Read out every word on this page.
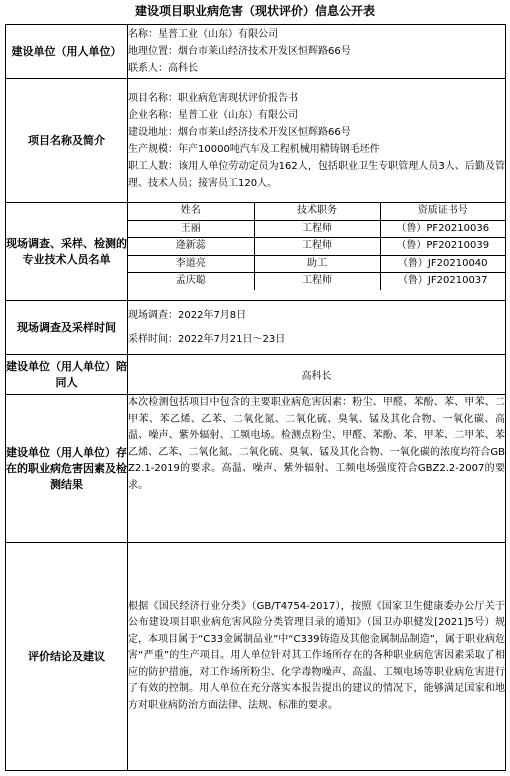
建设项目职业病危害（现状评价）信息公开表
建设单位（用人单位）	
名称：星普工业（山东）有限公司
地理位置：烟台市莱山经济技术开发区恒辉路66号
联系人：高科长

项目名称及简介	
项目名称：职业病危害现状评价报告书
企业名称：星普工业（山东）有限公司
建设地址：烟台市莱山经济技术开发区恒辉路66号
生产规模：年产10000吨汽车及工程机械用精铸钢毛坯件
职工人数：该用人单位劳动定员为162人，包括职业卫生专职管理人员3人、后勤及管理、技术人员；接害员工120人。

现场调查、采样、检测的专业技术人员名单	
姓名	技术职务	资质证书号
王丽	工程师	（鲁）PF20210036
逄新蕊	工程师	（鲁）PF20210039
李道亮	助工	（鲁）JF20210040
孟庆聪	工程师	（鲁）JF20210037

现场调查及采样时间	
现场调查：2022年7月8日
采样时间：2022年7月21日～23日

建设单位（用人单位）陪同人	高科长
建设单位（用人单位）存在的职业病危害因素及检测结果	
本次检测包括项目中包含的主要职业病危害因素：粉尘、甲醛、苯酚、苯、甲苯、二甲苯、苯乙烯、乙苯、二氧化氮、二氧化硫、臭氧、锰及其化合物、一氧化碳、高温、噪声、紫外辐射、工频电场。检测点粉尘、甲醛、苯酚、苯、甲苯、二甲苯、苯乙烯、乙苯、二氧化氮、二氧化硫、臭氧、锰及其化合物、一氧化碳的浓度均符合GBZ2.1-2019的要求。高温、噪声、紫外辐射、工频电场强度符合GBZ2.2-2007的要求。

评价结论及建议	
根据《国民经济行业分类》（GB/T4754-2017），按照《国家卫生健康委办公厅关于公布建设项目职业病危害风险分类管理目录的通知》（国卫办职健发[2021]5号）规定，本项目属于“C33金属制品业”中“C339铸造及其他金属制品制造”，属于职业病危害“严重”的生产项目。用人单位针对其工作场所存在的各种职业病危害因素采取了相应的防护措施，对工作场所粉尘、化学毒物噪声、高温、工频电场等职业病危害进行了有效的控制。用人单位在充分落实本报告提出的建议的情况下，能够满足国家和地方对职业病防治方面法律、法规、标准的要求。
